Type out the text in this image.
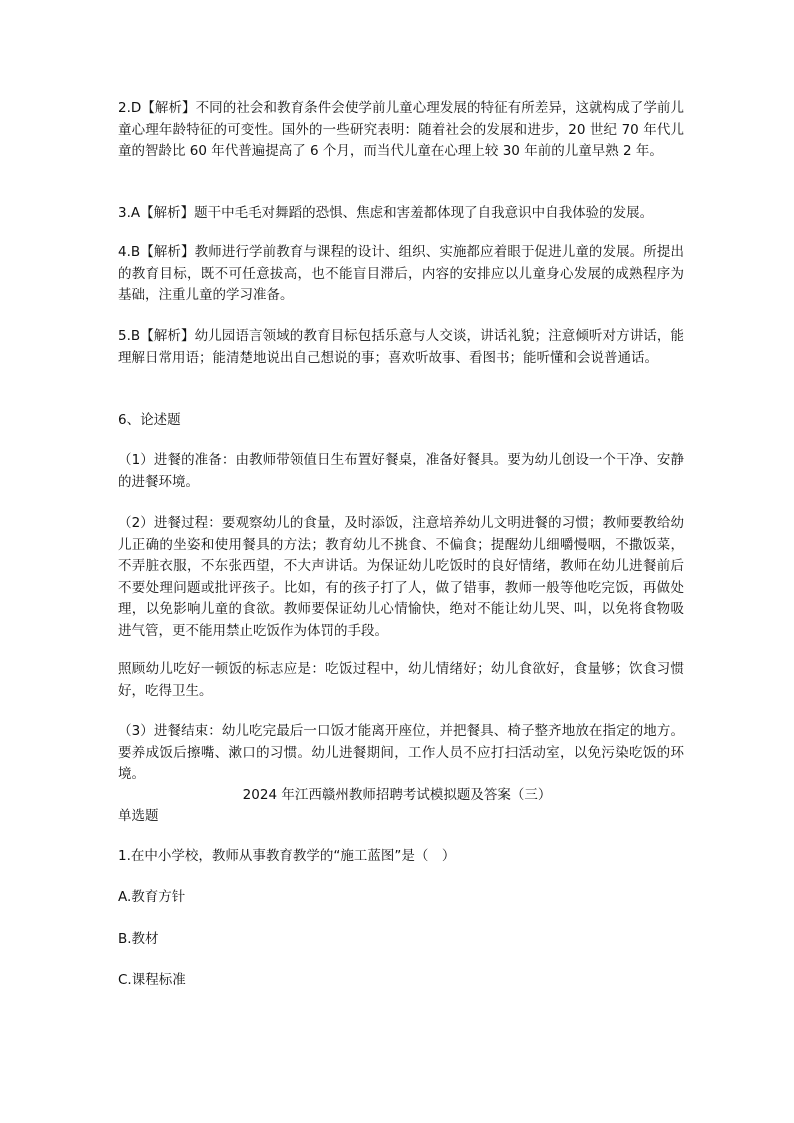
2.D【解析】不同的社会和教育条件会使学前儿童心理发展的特征有所差异，这就构成了学前儿童心理年龄特征的可变性。国外的一些研究表明：随着社会的发展和进步，20 世纪 70 年代儿童的智龄比 60 年代普遍提高了 6 个月，而当代儿童在心理上较 30 年前的儿童早熟 2 年。

3.A【解析】题干中毛毛对舞蹈的恐惧、焦虑和害羞都体现了自我意识中自我体验的发展。

4.B【解析】教师进行学前教育与课程的设计、组织、实施都应着眼于促进儿童的发展。所提出的教育目标，既不可任意拔高，也不能盲目滞后，内容的安排应以儿童身心发展的成熟程序为基础，注重儿童的学习准备。

5.B【解析】幼儿园语言领域的教育目标包括乐意与人交谈，讲话礼貌；注意倾听对方讲话，能理解日常用语；能清楚地说出自己想说的事；喜欢听故事、看图书；能听懂和会说普通话。

6、论述题

（1）进餐的准备：由教师带领值日生布置好餐桌，准备好餐具。要为幼儿创设一个干净、安静的进餐环境。

（2）进餐过程：要观察幼儿的食量，及时添饭，注意培养幼儿文明进餐的习惯；教师要教给幼儿正确的坐姿和使用餐具的方法；教育幼儿不挑食、不偏食；提醒幼儿细嚼慢咽，不撒饭菜，不弄脏衣服，不东张西望，不大声讲话。为保证幼儿吃饭时的良好情绪，教师在幼儿进餐前后不要处理问题或批评孩子。比如，有的孩子打了人，做了错事，教师一般等他吃完饭，再做处理，以免影响儿童的食欲。教师要保证幼儿心情愉快，绝对不能让幼儿哭、叫，以免将食物吸进气管，更不能用禁止吃饭作为体罚的手段。

照顾幼儿吃好一顿饭的标志应是：吃饭过程中，幼儿情绪好；幼儿食欲好，食量够；饮食习惯好，吃得卫生。

（3）进餐结束：幼儿吃完最后一口饭才能离开座位，并把餐具、椅子整齐地放在指定的地方。要养成饭后擦嘴、漱口的习惯。幼儿进餐期间，工作人员不应打扫活动室，以免污染吃饭的环境。

2024 年江西赣州教师招聘考试模拟题及答案（三）

单选题

1.在中小学校，教师从事教育教学的“施工蓝图”是（　）

A.教育方针

B.教材

C.课程标准
